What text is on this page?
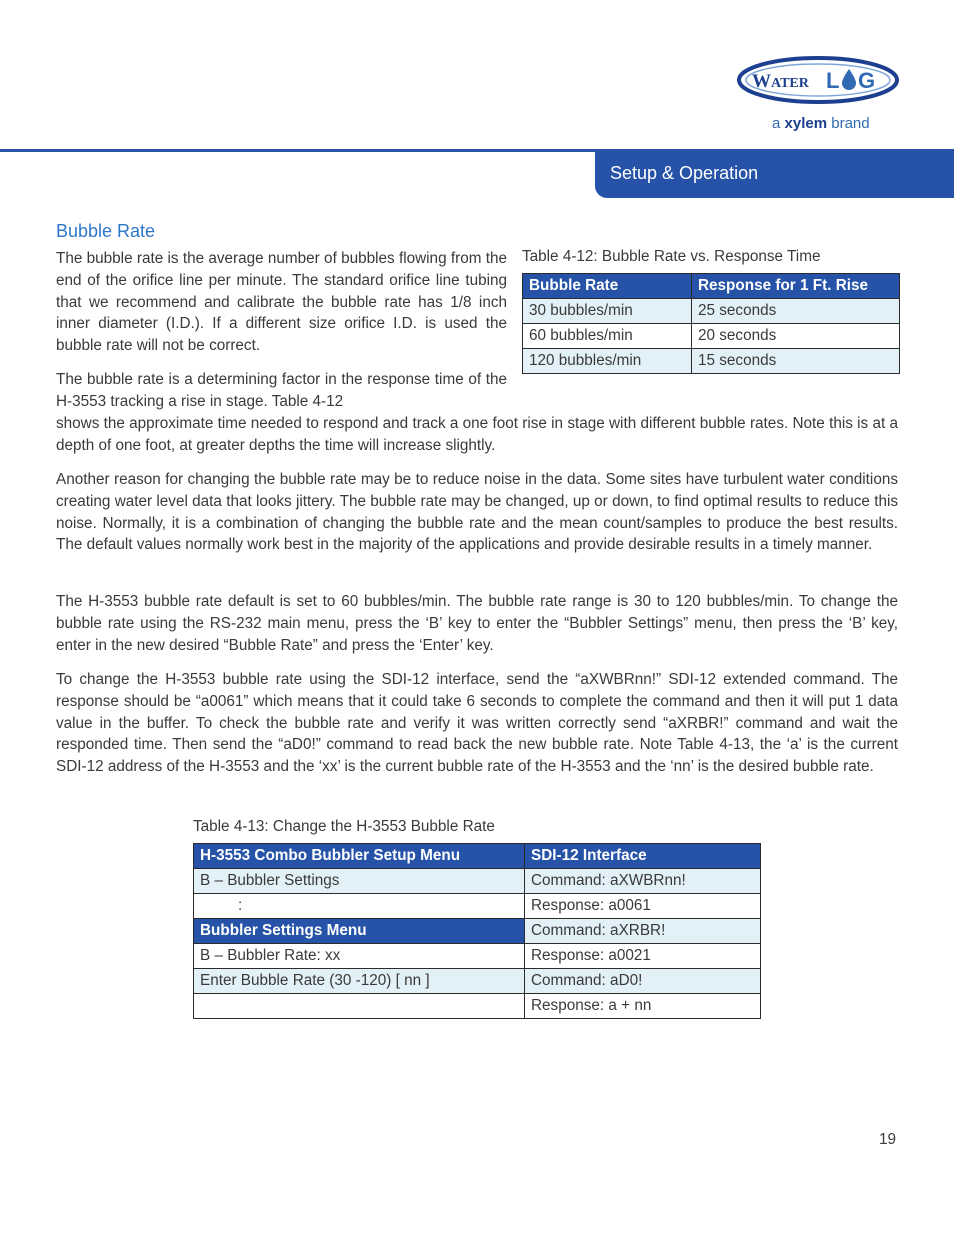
W ATER L G
a xylem brand
Setup & Operation
Bubble Rate

The bubble rate is the average number of bubbles flowing from the end of the orifice line per minute. The standard orifice line tubing that we recommend and calibrate the bubble rate has 1/8 inch inner diameter (I.D.). If a different size orifice I.D. is used the bubble rate will not be correct.

The bubble rate is a determining factor in the response time of the H-3553 tracking a rise in stage. Table 4-12

shows the approximate time needed to respond and track a one foot rise in stage with different bubble rates. Note this is at a depth of one foot, at greater depths the time will increase slightly.

Another reason for changing the bubble rate may be to reduce noise in the data. Some sites have turbulent water conditions creating water level data that looks jittery. The bubble rate may be changed, up or down, to find optimal results to reduce this noise. Normally, it is a combination of changing the bubble rate and the mean count/samples to produce the best results. The default values normally work best in the majority of the applications and provide desirable results in a timely manner.

The H-3553 bubble rate default is set to 60 bubbles/min. The bubble rate range is 30 to 120 bubbles/min. To change the bubble rate using the RS-232 main menu, press the ‘B’ key to enter the “Bubbler Settings” menu, then press the ‘B’ key, enter in the new desired “Bubble Rate” and press the ‘Enter’ key.

To change the H-3553 bubble rate using the SDI-12 interface, send the “aXWBRnn!” SDI-12 extended command. The response should be “a0061” which means that it could take 6 seconds to complete the command and then it will put 1 data value in the buffer. To check the bubble rate and verify it was written correctly send “aXRBR!” command and wait the responded time. Then send the “aD0!” command to read back the new bubble rate. Note Table 4-13, the ‘a’ is the current SDI-12 address of the H-3553 and the ‘xx’ is the current bubble rate of the H-3553 and the ‘nn’ is the desired bubble rate.

Table 4-12: Bubble Rate vs. Response Time
Bubble Rate	Response for 1 Ft. Rise
30 bubbles/min	25 seconds
60 bubbles/min	20 seconds
120 bubbles/min	15 seconds
Table 4-13: Change the H-3553 Bubble Rate
H-3553 Combo Bubbler Setup Menu	SDI-12 Interface
B – Bubbler Settings	Command: aXWBRnn!
:	Response: a0061
Bubbler Settings Menu	Command: aXRBR!
B – Bubbler Rate: xx	Response: a0021
Enter Bubble Rate (30 -120) [ nn ]	Command: aD0!
	Response: a + nn
19
